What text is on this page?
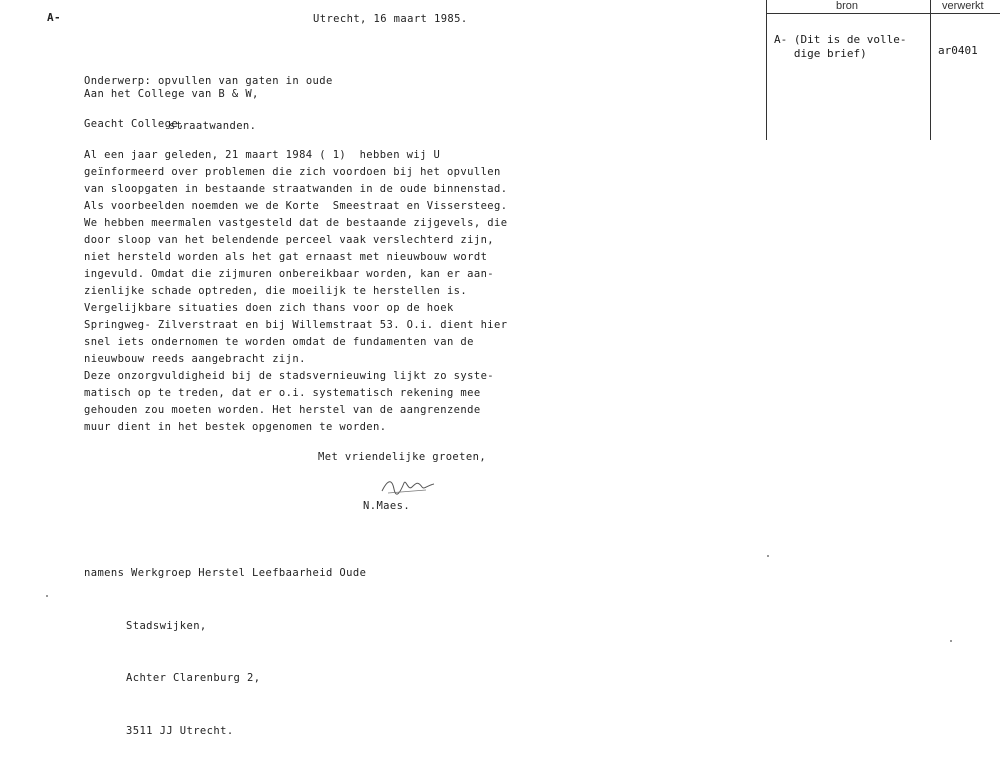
A-	Utrecht, 16 maart 1985.

Onderwerp: opvullen van gaten in oude

straatwanden.

Aan het College van B & W,
Geacht College,
Al een jaar geleden, 21 maart 1984 ( 1)  hebben wij U
geïnformeerd over problemen die zich voordoen bij het opvullen
van sloopgaten in bestaande straatwanden in de oude binnenstad.
Als voorbeelden noemden we de Korte  Smeestraat en Vissersteeg.
We hebben meermalen vastgesteld dat de bestaande zijgevels, die
door sloop van het belendende perceel vaak verslechterd zijn,
niet hersteld worden als het gat ernaast met nieuwbouw wordt
ingevuld. Omdat die zijmuren onbereikbaar worden, kan er aan-
zienlijke schade optreden, die moeilijk te herstellen is.
Vergelijkbare situaties doen zich thans voor op de hoek
Springweg- Zilverstraat en bij Willemstraat 53. O.i. dient hier
snel iets ondernomen te worden omdat de fundamenten van de
nieuwbouw reeds aangebracht zijn.
Deze onzorgvuldigheid bij de stadsvernieuwing lijkt zo syste-
matisch op te treden, dat er o.i. systematisch rekening mee
gehouden zou moeten worden. Het herstel van de aangrenzende
muur dient in het bestek opgenomen te worden.
Met vriendelijke groeten,
N.Maes.

namens Werkgroep Herstel Leefbaarheid Oude

Stadswijken,

Achter Clarenburg 2,

3511 JJ Utrecht.

bron	verwerkt
A- (Dit is de volle-
dige brief)	ar0401
